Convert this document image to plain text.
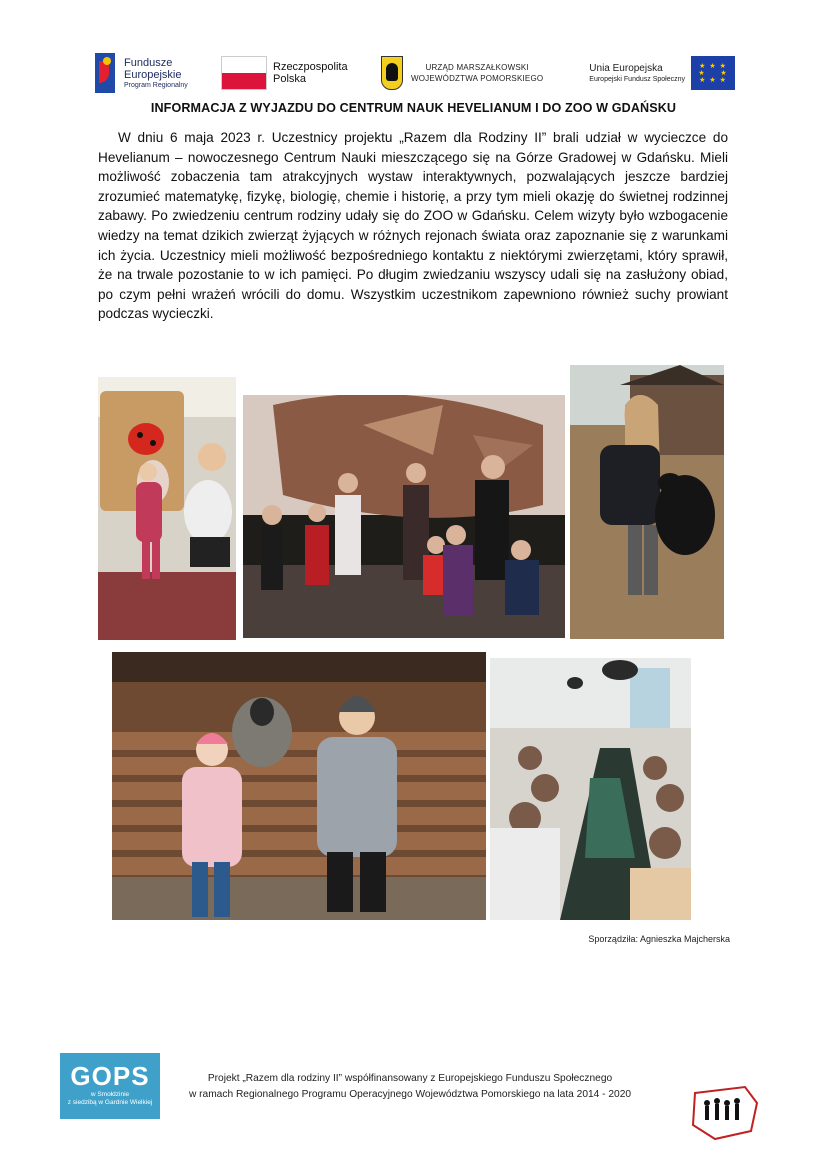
Fundusze
Europejskie
Program Regionalny
Rzeczpospolita
Polska
URZĄD MARSZAŁKOWSKI
WOJEWÓDZTWA POMORSKIEGO
Unia Europejska
Europejski Fundusz Społeczny
★ ★ ★
★     ★
★ ★ ★
INFORMACJA Z WYJAZDU DO CENTRUM NAUK HEVELIANUM I DO ZOO W GDAŃSKU

W dniu 6 maja 2023 r. Uczestnicy projektu „Razem dla Rodziny II” brali udział w wycieczce do Hevelianum – nowoczesnego Centrum Nauki mieszczącego się na Górze Gradowej w Gdańsku. Mieli możliwość zobaczenia tam atrakcyjnych wystaw interaktywnych, pozwalających jeszcze bardziej zrozumieć matematykę, fizykę, biologię, chemie i historię, a przy tym mieli okazję do świetnej rodzinnej zabawy. Po zwiedzeniu centrum rodziny udały się do ZOO w Gdańsku. Celem wizyty było wzbogacenie wiedzy na temat dzikich zwierząt żyjących w różnych rejonach świata oraz zapoznanie się z warunkami ich życia. Uczestnicy mieli możliwość bezpośredniego kontaktu z niektórymi zwierzętami, który sprawił, że na trwale pozostanie to w ich pamięci. Po długim zwiedzaniu wszyscy udali się na zasłużony obiad, po czym pełni wrażeń wrócili do domu. Wszystkim uczestnikom zapewniono również suchy prowiant podczas wycieczki.

Sporządziła: Agnieszka Majcherska
GOPS
w Smołdzinie
z siedzibą w Gardnie Wielkiej
Projekt „Razem dla rodziny II” współfinansowany z Europejskiego Funduszu Społecznego
w ramach Regionalnego Programu Operacyjnego Województwa Pomorskiego na lata 2014 - 2020
